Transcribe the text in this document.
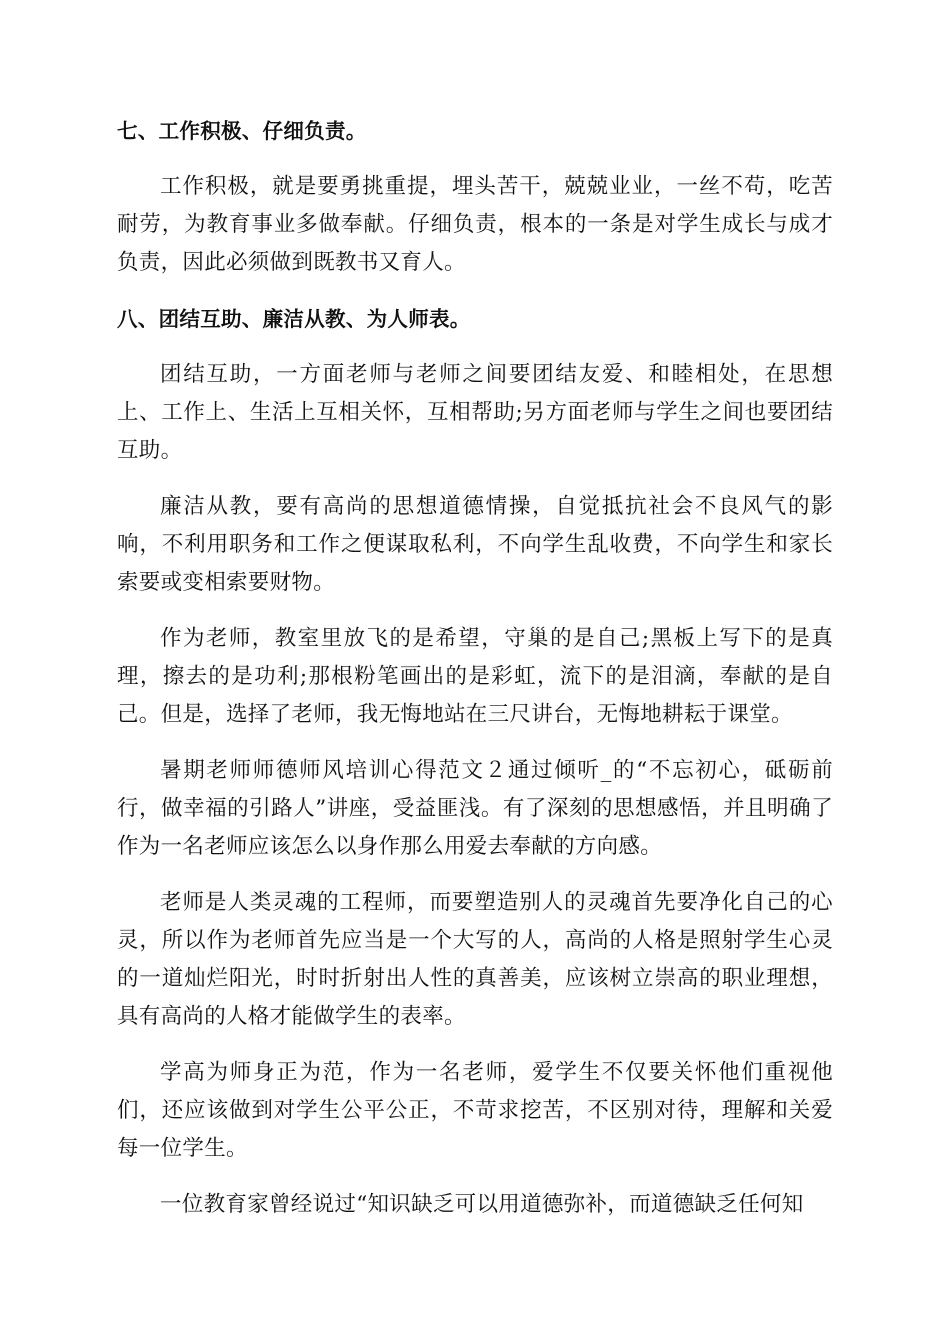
七、工作积极、仔细负责。
工作积极，就是要勇挑重提，埋头苦干，兢兢业业，一丝不苟，吃苦耐劳，为教育事业多做奉献。仔细负责，根本的一条是对学生成长与成才负责，因此必须做到既教书又育人。
八、团结互助、廉洁从教、为人师表。
团结互助，一方面老师与老师之间要团结友爱、和睦相处，在思想上、工作上、生活上互相关怀，互相帮助;另方面老师与学生之间也要团结互助。
廉洁从教，要有高尚的思想道德情操，自觉抵抗社会不良风气的影响，不利用职务和工作之便谋取私利，不向学生乱收费，不向学生和家长索要或变相索要财物。
作为老师，教室里放飞的是希望，守巢的是自己;黑板上写下的是真理，擦去的是功利;那根粉笔画出的是彩虹，流下的是泪滴，奉献的是自己。但是，选择了老师，我无悔地站在三尺讲台，无悔地耕耘于课堂。
暑期老师师德师风培训心得范文２通过倾听_的“不忘初心，砥砺前行，做幸福的引路人”讲座，受益匪浅。有了深刻的思想感悟，并且明确了作为一名老师应该怎么以身作那么用爱去奉献的方向感。
老师是人类灵魂的工程师，而要塑造别人的灵魂首先要净化自己的心灵，所以作为老师首先应当是一个大写的人，高尚的人格是照射学生心灵的一道灿烂阳光，时时折射出人性的真善美，应该树立崇高的职业理想，具有高尚的人格才能做学生的表率。
学高为师身正为范，作为一名老师，爱学生不仅要关怀他们重视他们，还应该做到对学生公平公正，不苛求挖苦，不区别对待，理解和关爱每一位学生。
一位教育家曾经说过“知识缺乏可以用道德弥补，而道德缺乏任何知
